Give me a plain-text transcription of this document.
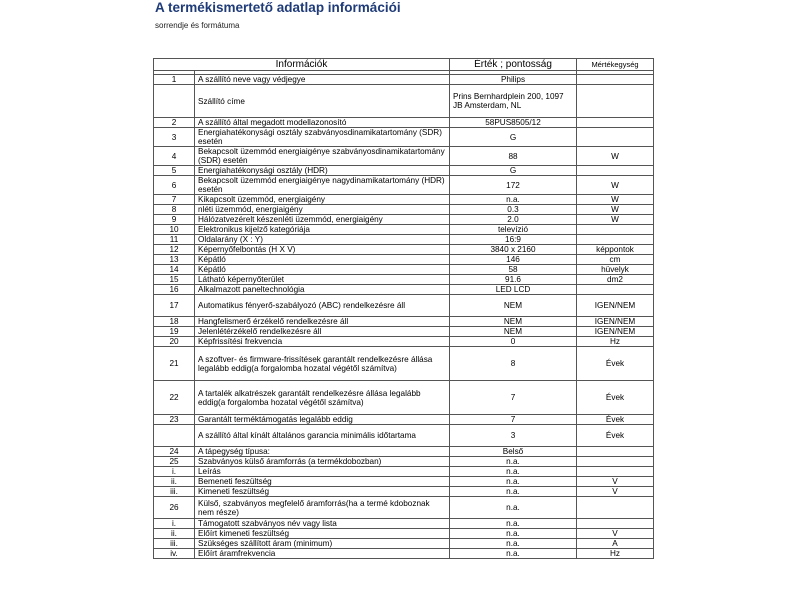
A termékismertető adatlap információi
sorrendje és formátuma
Információk		Érték ; pontosság	Mértékegység

1	A szállító neve vagy védjegye	Philips	
	Szállító címe	Prins Bernhardplein 200, 1097 JB Amsterdam, NL	
2	A szállító által megadott modellazonosító	58PUS8505/12	
3	Energiahatékonysági osztály szabványosdinamikatartomány (SDR) esetén	G	
4	Bekapcsolt üzemmód energiaigénye szabványosdinamikatartomány (SDR) esetén	88	W
5	Energiahatékonysági osztály (HDR)	G	
6	Bekapcsolt üzemmód energiaigénye nagydinamikatartomány (HDR) esetén	172	W
7	Kikapcsolt üzemmód, energiaigény	n.a.	W
8	nléti üzemmód, energiaigény	0.3	W
9	Hálózatvezérelt készenléti üzemmód, energiaigény	2.0	W
10	Elektronikus kijelző kategóriája	televízió	
11	Oldalarány (X : Y)	16:9	
12	Képernyőfelbontás (H X V)	3840 x 2160	képpontok
13	Képátló	146	cm
14	Képátló	58	hüvelyk
15	Látható képernyőterület	91.6	dm2
16	Alkalmazott paneltechnológia	LED LCD	
17	Automatikus fényerő-szabályozó (ABC) rendelkezésre áll	NEM	IGEN/NEM
18	Hangfelismerő érzékelő rendelkezésre áll	NEM	IGEN/NEM
19	Jelenlétérzékelő rendelkezésre áll	NEM	IGEN/NEM
20	Képfrissítési frekvencia	0	Hz
21	A szoftver- és firmware-frissítések garantált rendelkezésre állása legalább eddig(a forgalomba hozatal végétől számítva)	8	Évek
22	A tartalék alkatrészek garantált rendelkezésre állása legalább eddig(a forgalomba hozatal végétől számítva)	7	Évek
23	Garantált terméktámogatás legalább eddig	7	Évek
	A szállító által kínált általános garancia minimális időtartama	3	Évek
24	A tápegység típusa:	Belső	
25	Szabványos külső áramforrás (a termékdobozban)	n.a.	
i.	Leírás	n.a.	
ii.	Bemeneti feszültség	n.a.	V
iii.	Kimeneti feszültség	n.a.	V
26	Külső, szabványos megfelelő áramforrás(ha a termé kdoboznak nem része)	n.a.	
i.	Támogatott szabványos név vagy lista	n.a.	
ii.	Előírt kimeneti feszültség	n.a.	V
iii.	Szükséges szállított áram (minimum)	n.a.	A
iv.	Előírt áramfrekvencia	n.a.	Hz
